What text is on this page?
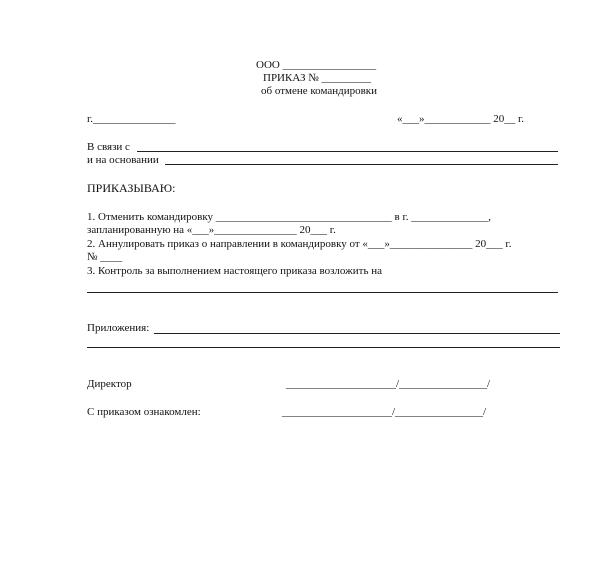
ООО _________________
ПРИКАЗ № _________
об отмене командировки
г._______________	«___»____________ 20__ г.
В связи с
и на основании
ПРИКАЗЫВАЮ:
1. Отменить командировку ________________________________ в г. ______________,
запланированную на «___»_______________ 20___ г.
2. Аннулировать приказ о направлении в командировку от «___»_______________ 20___ г.
№ ____
3. Контроль за выполнением настоящего приказа возложить на
Приложения:
Директор	____________________/________________/
С приказом ознакомлен:	____________________/________________/
